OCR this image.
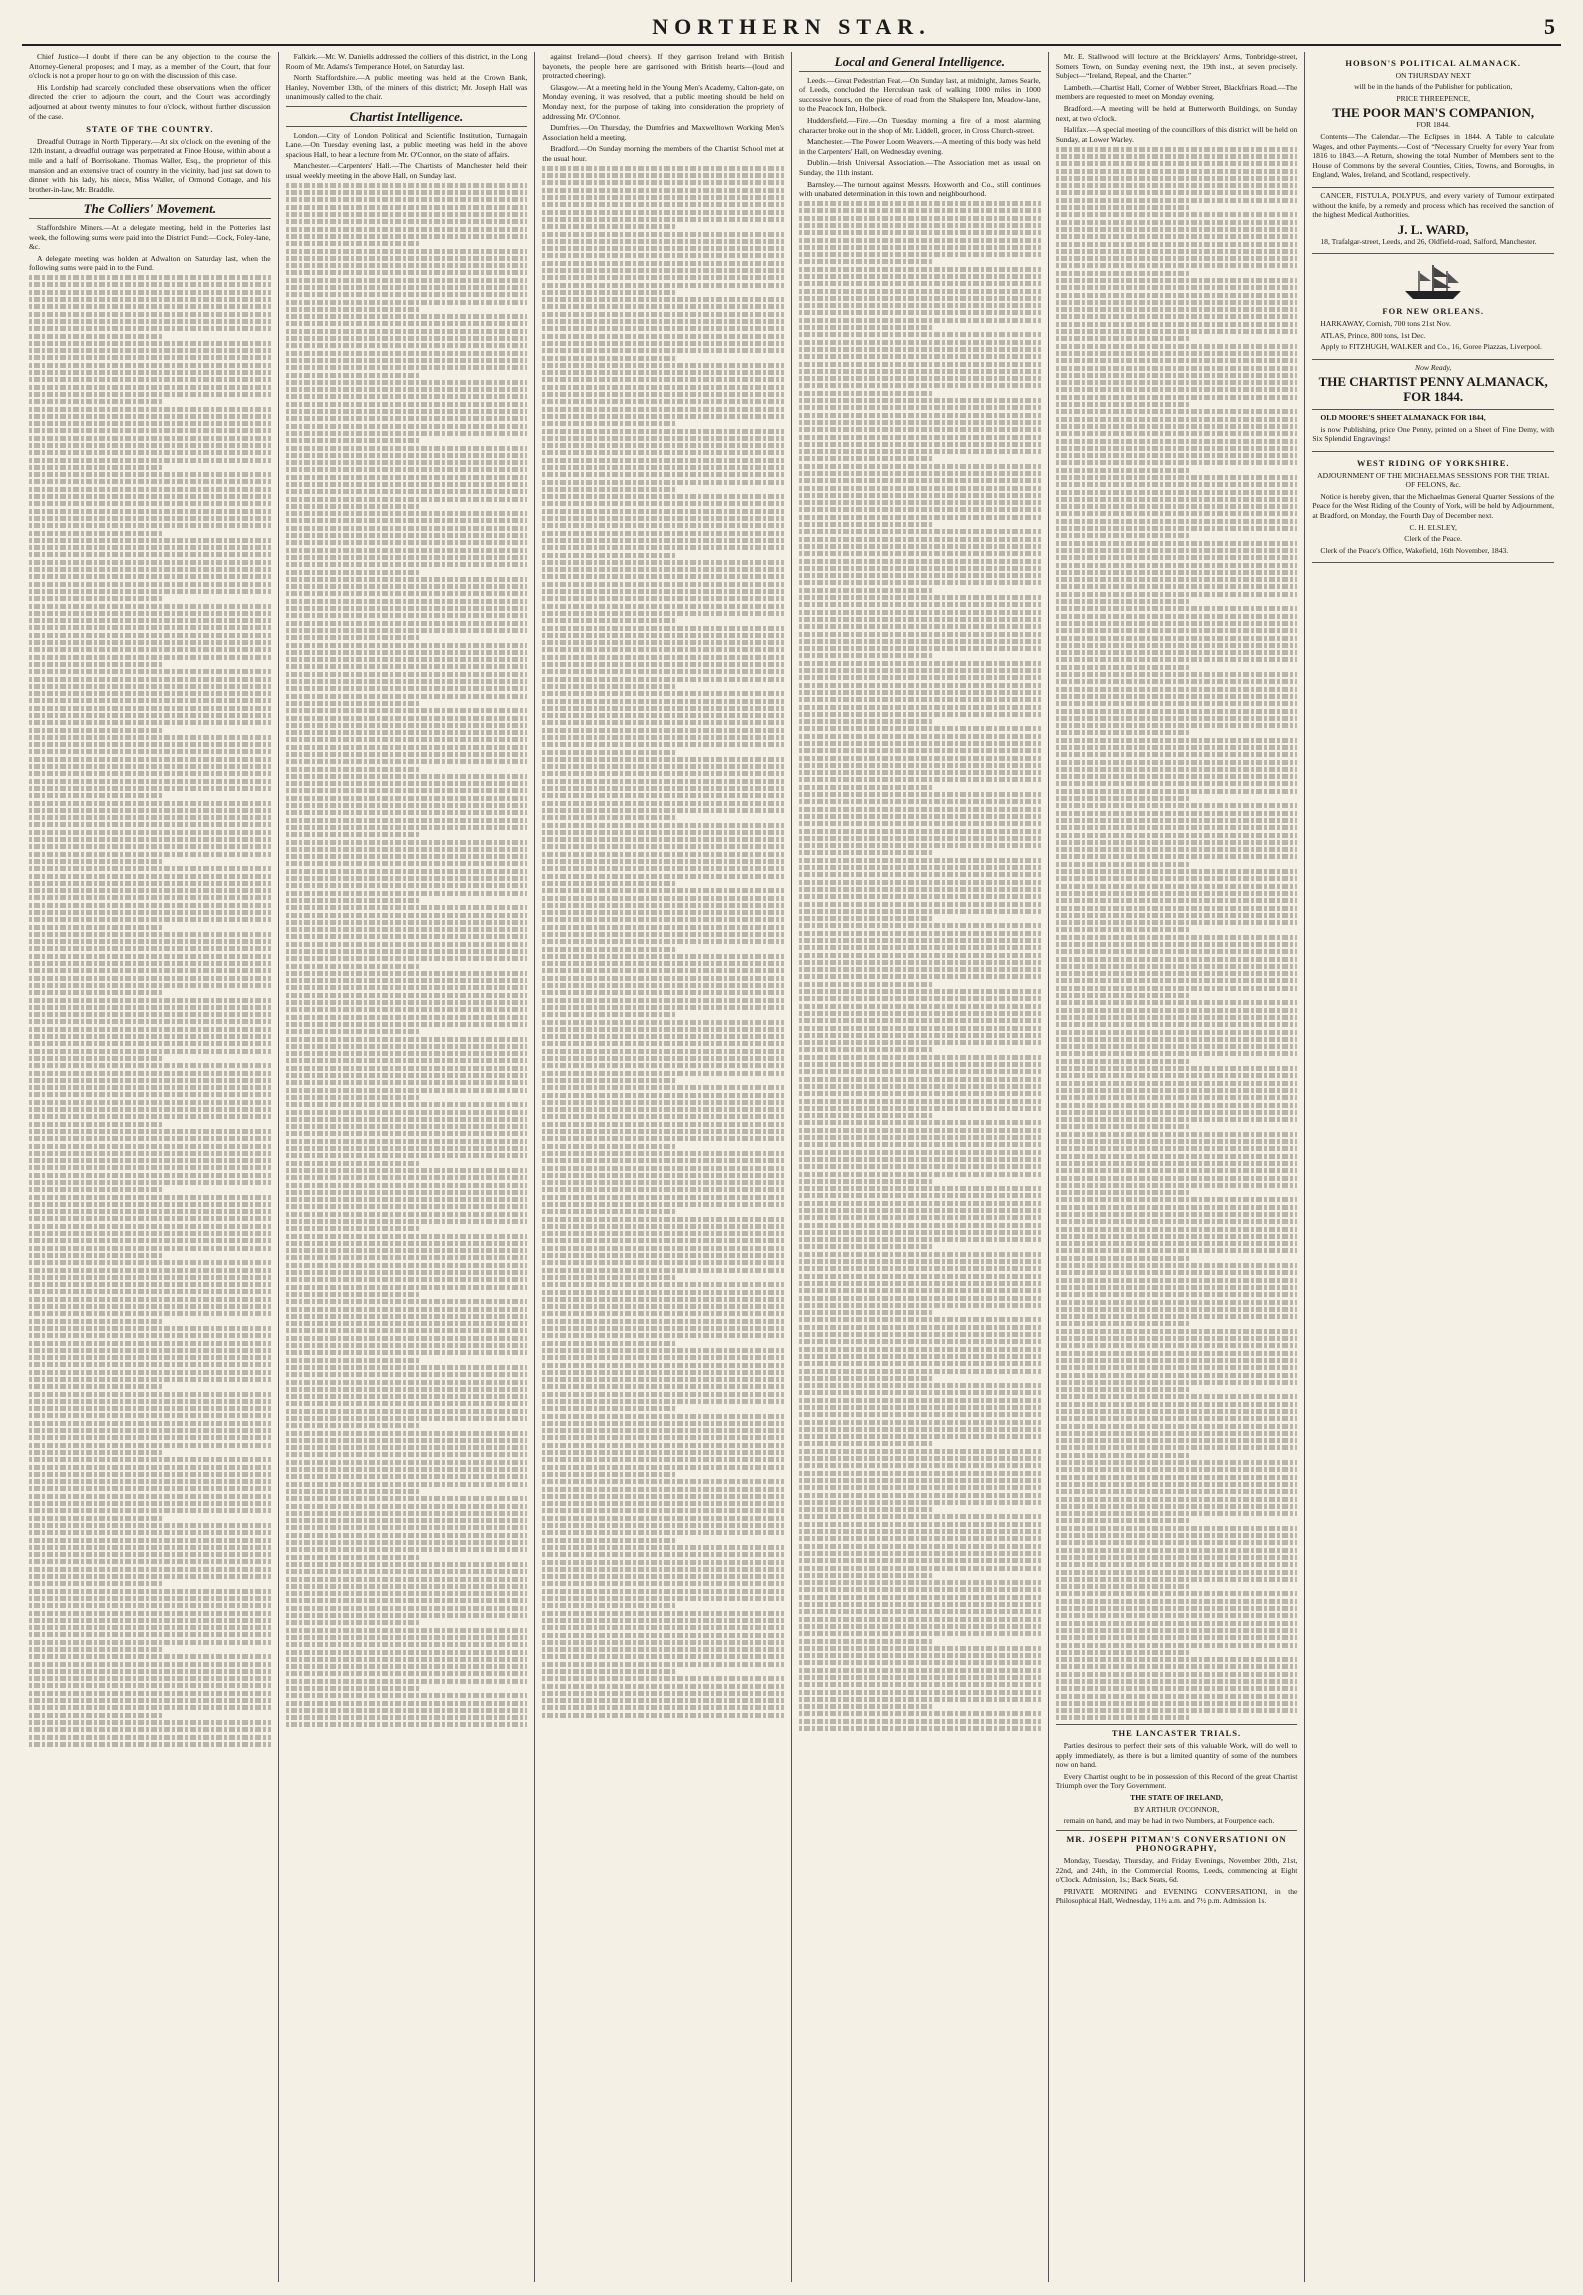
NORTHERN STAR.	5

Chief Justice—I doubt if there can be any objection to the course the Attorney-General proposes; and I may, as a member of the Court, that four o'clock is not a proper hour to go on with the discussion of this case.

His Lordship had scarcely concluded these observations when the officer directed the crier to adjourn the court, and the Court was accordingly adjourned at about twenty minutes to four o'clock, without further discussion of the case.

STATE OF THE COUNTRY.

Dreadful Outrage in North Tipperary.—At six o'clock on the evening of the 12th instant, a dreadful outrage was perpetrated at Finoe House, within about a mile and a half of Borrisokane. Thomas Waller, Esq., the proprietor of this mansion and an extensive tract of country in the vicinity, had just sat down to dinner with his lady, his niece, Miss Waller, of Ormond Cottage, and his brother-in-law, Mr. Braddle.

The Colliers' Movement.

Staffordshire Miners.—At a delegate meeting, held in the Potteries last week, the following sums were paid into the District Fund:—Cock, Foley-lane, &c.

A delegate meeting was holden at Adwalton on Saturday last, when the following sums were paid in to the Fund.

Falkirk.—Mr. W. Daniells addressed the colliers of this district, in the Long Room of Mr. Adams's Temperance Hotel, on Saturday last.

North Staffordshire.—A public meeting was held at the Crown Bank, Hanley, November 13th, of the miners of this district; Mr. Joseph Hall was unanimously called to the chair.

Chartist Intelligence.

London.—City of London Political and Scientific Institution, Turnagain Lane.—On Tuesday evening last, a public meeting was held in the above spacious Hall, to hear a lecture from Mr. O'Connor, on the state of affairs.

Manchester.—Carpenters' Hall.—The Chartists of Manchester held their usual weekly meeting in the above Hall, on Sunday last.

against Ireland—(loud cheers). If they garrison Ireland with British bayonets, the people here are garrisoned with British hearts—(loud and protracted cheering).

Glasgow.—At a meeting held in the Young Men's Academy, Calton-gate, on Monday evening, it was resolved, that a public meeting should be held on Monday next, for the purpose of taking into consideration the propriety of addressing Mr. O'Connor.

Dumfries.—On Thursday, the Dumfries and Maxwelltown Working Men's Association held a meeting.

Bradford.—On Sunday morning the members of the Chartist School met at the usual hour.

Local and General Intelligence.

Leeds.—Great Pedestrian Feat.—On Sunday last, at midnight, James Searle, of Leeds, concluded the Herculean task of walking 1000 miles in 1000 successive hours, on the piece of road from the Shakspere Inn, Meadow-lane, to the Peacock Inn, Holbeck.

Huddersfield.—Fire.—On Tuesday morning a fire of a most alarming character broke out in the shop of Mr. Liddell, grocer, in Cross Church-street.

Manchester.—The Power Loom Weavers.—A meeting of this body was held in the Carpenters' Hall, on Wednesday evening.

Dublin.—Irish Universal Association.—The Association met as usual on Sunday, the 11th instant.

Barnsley.—The turnout against Messrs. Hoxworth and Co., still continues with unabated determination in this town and neighbourhood.

Mr. E. Stallwood will lecture at the Bricklayers' Arms, Tonbridge-street, Somers Town, on Sunday evening next, the 19th inst., at seven precisely. Subject—“Ireland, Repeal, and the Charter.”

Lambeth.—Chartist Hall, Corner of Webber Street, Blackfriars Road.—The members are requested to meet on Monday evening.

Bradford.—A meeting will be held at Butterworth Buildings, on Sunday next, at two o'clock.

Halifax.—A special meeting of the councillors of this district will be held on Sunday, at Lower Warley.

THE LANCASTER TRIALS.

Parties desirous to perfect their sets of this valuable Work, will do well to apply immediately, as there is but a limited quantity of some of the numbers now on hand.

Every Chartist ought to be in possession of this Record of the great Chartist Triumph over the Tory Government.

THE STATE OF IRELAND,

BY ARTHUR O'CONNOR,

remain on hand, and may be had in two Numbers, at Fourpence each.

MR. JOSEPH PITMAN'S CONVERSATIONI ON PHONOGRAPHY,

Monday, Tuesday, Thursday, and Friday Evenings, November 20th, 21st, 22nd, and 24th, in the Commercial Rooms, Leeds, commencing at Eight o'Clock. Admission, 1s.; Back Seats, 6d.

PRIVATE MORNING and EVENING CONVERSATIONI, in the Philosophical Hall, Wednesday, 11½ a.m. and 7½ p.m. Admission 1s.

HOBSON'S POLITICAL ALMANACK.

ON THURSDAY NEXT

will be in the hands of the Publisher for publication,

PRICE THREEPENCE,

THE POOR MAN'S COMPANION,

FOR 1844.

Contents—The Calendar.—The Eclipses in 1844. A Table to calculate Wages, and other Payments.—Cost of “Necessary Cruelty for every Year from 1816 to 1843.—A Return, showing the total Number of Members sent to the House of Commons by the several Counties, Cities, Towns, and Boroughs, in England, Wales, Ireland, and Scotland, respectively.

CANCER, FISTULA, POLYPUS, and every variety of Tumour extirpated without the knife, by a remedy and process which has received the sanction of the highest Medical Authorities.

J. L. WARD,

18, Trafalgar-street, Leeds, and 26, Oldfield-road, Salford, Manchester.

FOR NEW ORLEANS.

HARKAWAY, Cornish, 700 tons 21st Nov.

ATLAS, Prince, 800 tons, 1st Dec.

Apply to FITZHUGH, WALKER and Co., 16, Goree Piazzas, Liverpool.

Now Ready,

THE CHARTIST PENNY ALMANACK, FOR 1844.

OLD MOORE'S SHEET ALMANACK FOR 1844,

is now Publishing, price One Penny, printed on a Sheet of Fine Demy, with Six Splendid Engravings!

WEST RIDING OF YORKSHIRE.

ADJOURNMENT OF THE MICHAELMAS SESSIONS FOR THE TRIAL OF FELONS, &c.

Notice is hereby given, that the Michaelmas General Quarter Sessions of the Peace for the West Riding of the County of York, will be held by Adjournment, at Bradford, on Monday, the Fourth Day of December next.

C. H. ELSLEY,

Clerk of the Peace.

Clerk of the Peace's Office, Wakefield, 16th November, 1843.
